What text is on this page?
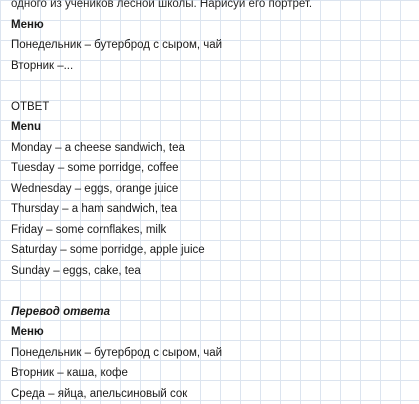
одного из учеников лесной школы. Нарисуй его портрет.
Меню
Понедельник – бутерброд с сыром, чай
Вторник –...
ОТВЕТ
Menu
Monday – a cheese sandwich, tea
Tuesday – some porridge, coffee
Wednesday – eggs, orange juice
Thursday – a ham sandwich, tea
Friday – some cornflakes, milk
Saturday – some porridge, apple juice
Sunday – eggs, cake, tea
Перевод ответа
Меню
Понедельник – бутерброд с сыром, чай
Вторник – каша, кофе
Среда – яйца, апельсиновый сок
